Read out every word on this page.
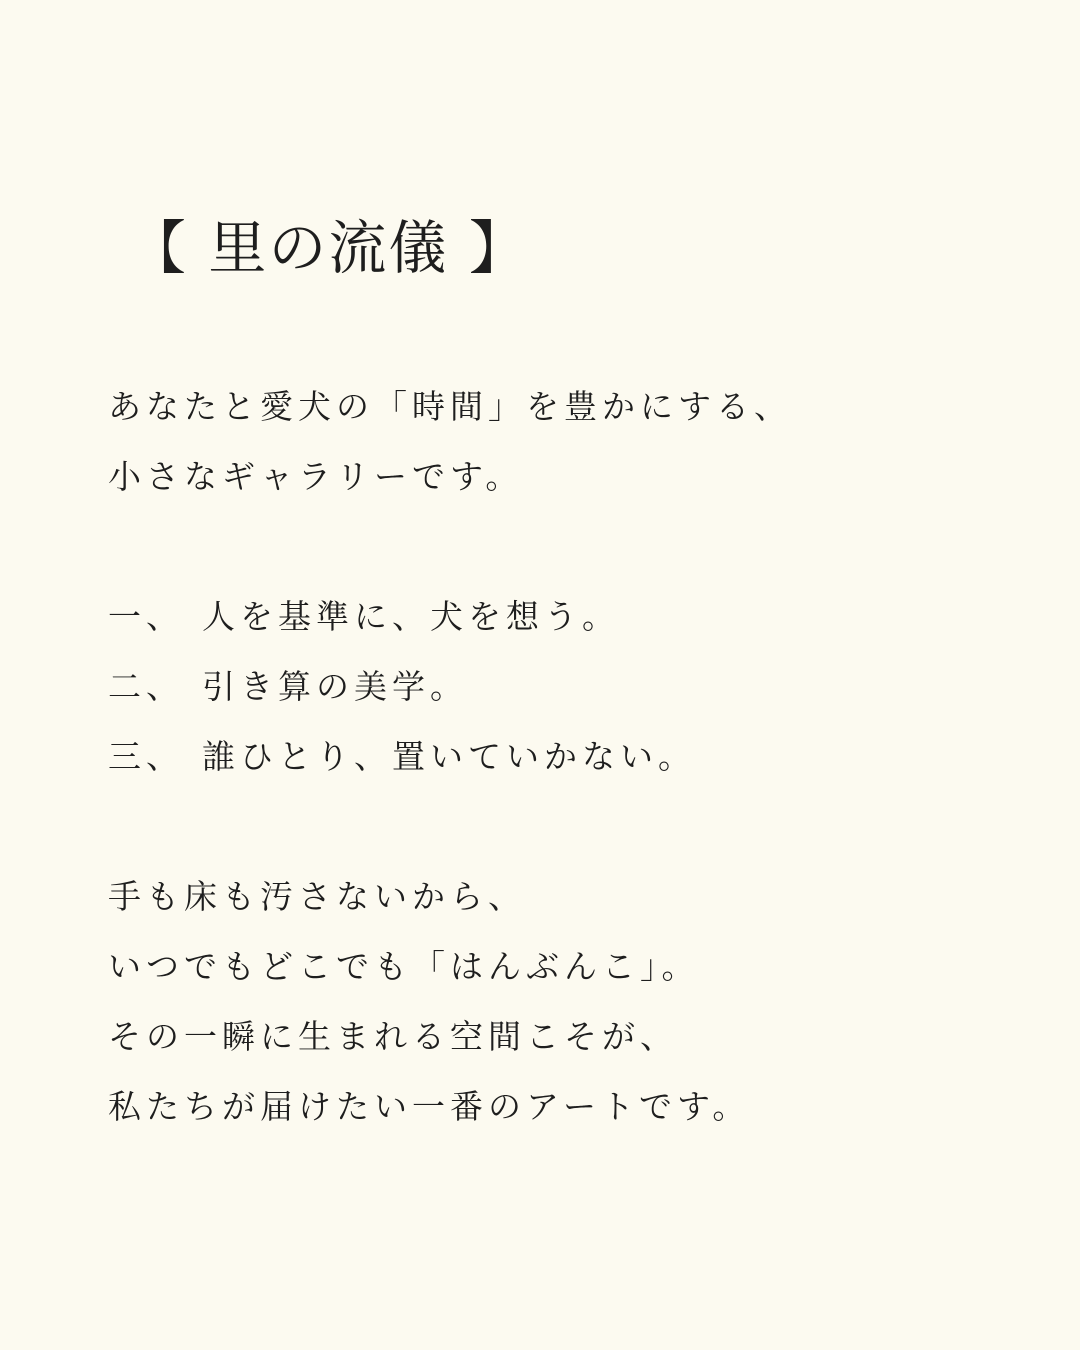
【 里の流儀 】
あなたと愛犬の「時間」を豊かにする、
小さなギャラリーです。
一、 人を基準に、犬を想う。
二、 引き算の美学。
三、 誰ひとり、置いていかない。
手も床も汚さないから、
いつでもどこでも「はんぶんこ」。
その一瞬に生まれる空間こそが、
私たちが届けたい一番のアートです。
